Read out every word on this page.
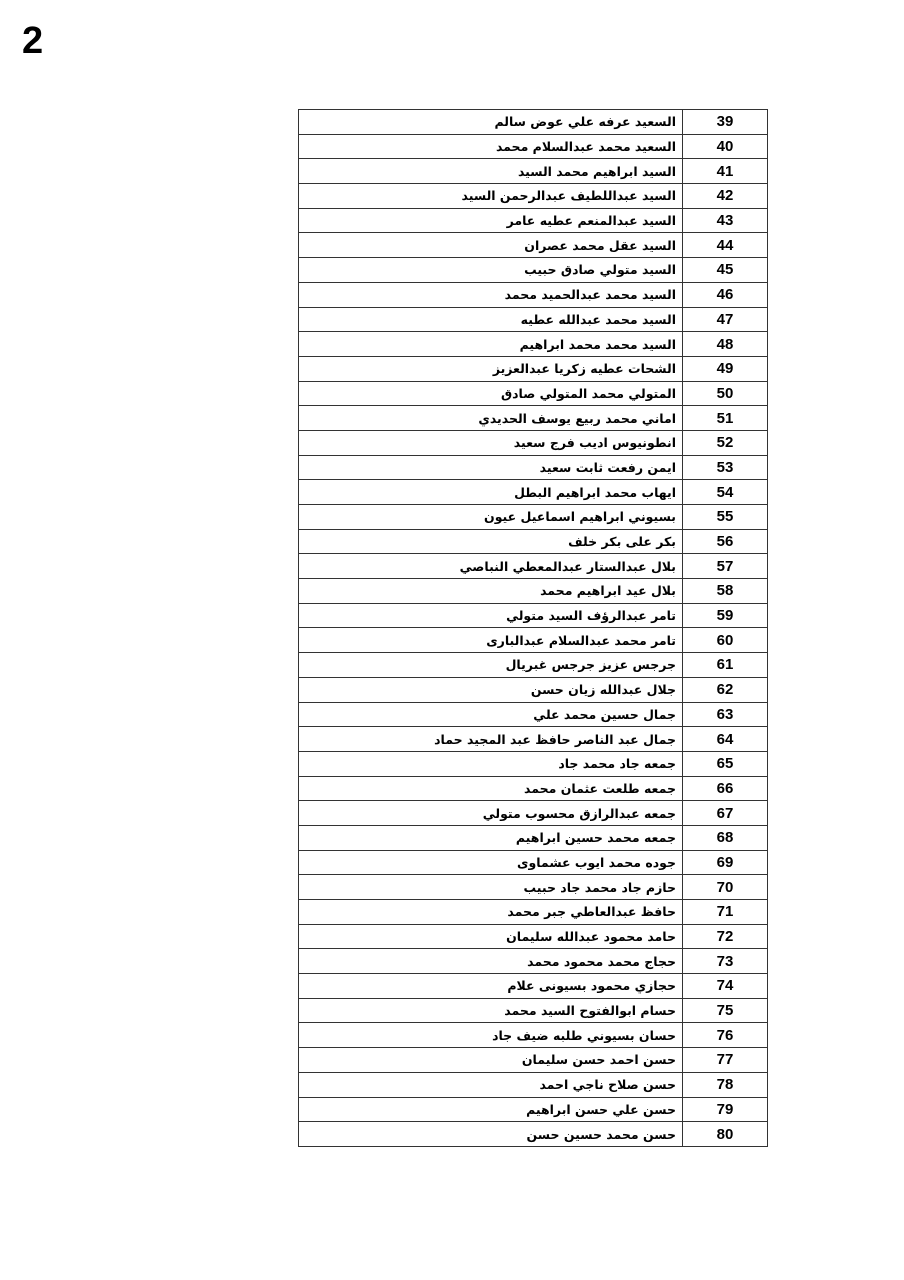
2
39	السعيد عرفه علي عوض سالم
40	السعيد محمد عبدالسلام محمد
41	السيد ابراهيم محمد السيد
42	السيد عبداللطيف عبدالرحمن السيد
43	السيد عبدالمنعم عطيه عامر
44	السيد عقل محمد عصران
45	السيد متولي صادق حبيب
46	السيد محمد عبدالحميد محمد
47	السيد محمد عبدالله عطيه
48	السيد محمد محمد ابراهيم
49	الشحات عطيه زكريا عبدالعزيز
50	المتولي محمد المتولي صادق
51	اماني محمد ربيع يوسف الحديدي
52	انطونيوس اديب فرج سعيد
53	ايمن رفعت ثابت سعيد
54	ايهاب محمد ابراهيم البطل
55	بسيوني ابراهيم اسماعيل عيون
56	بكر على بكر خلف
57	بلال عبدالستار عبدالمعطي النباصي
58	بلال عيد ابراهيم محمد
59	تامر عبدالرؤف السيد متولي
60	تامر محمد عبدالسلام عبدالبارى
61	جرجس عزيز جرجس غبريال
62	جلال عبدالله زيان حسن
63	جمال حسين محمد علي
64	جمال عبد الناصر حافظ عبد المجيد حماد
65	جمعه جاد محمد جاد
66	جمعه طلعت عثمان محمد
67	جمعه عبدالرازق محسوب متولي
68	جمعه محمد حسين ابراهيم
69	جوده محمد ايوب عشماوى
70	حازم جاد محمد جاد حبيب
71	حافظ عبدالعاطي جبر محمد
72	حامد محمود عبدالله سليمان
73	حجاج محمد محمود محمد
74	حجازي محمود بسيونى علام
75	حسام ابوالفتوح السيد محمد
76	حسان بسيوني طلبه ضيف جاد
77	حسن احمد حسن سليمان
78	حسن صلاح ناجي احمد
79	حسن علي حسن ابراهيم
80	حسن محمد حسين حسن
